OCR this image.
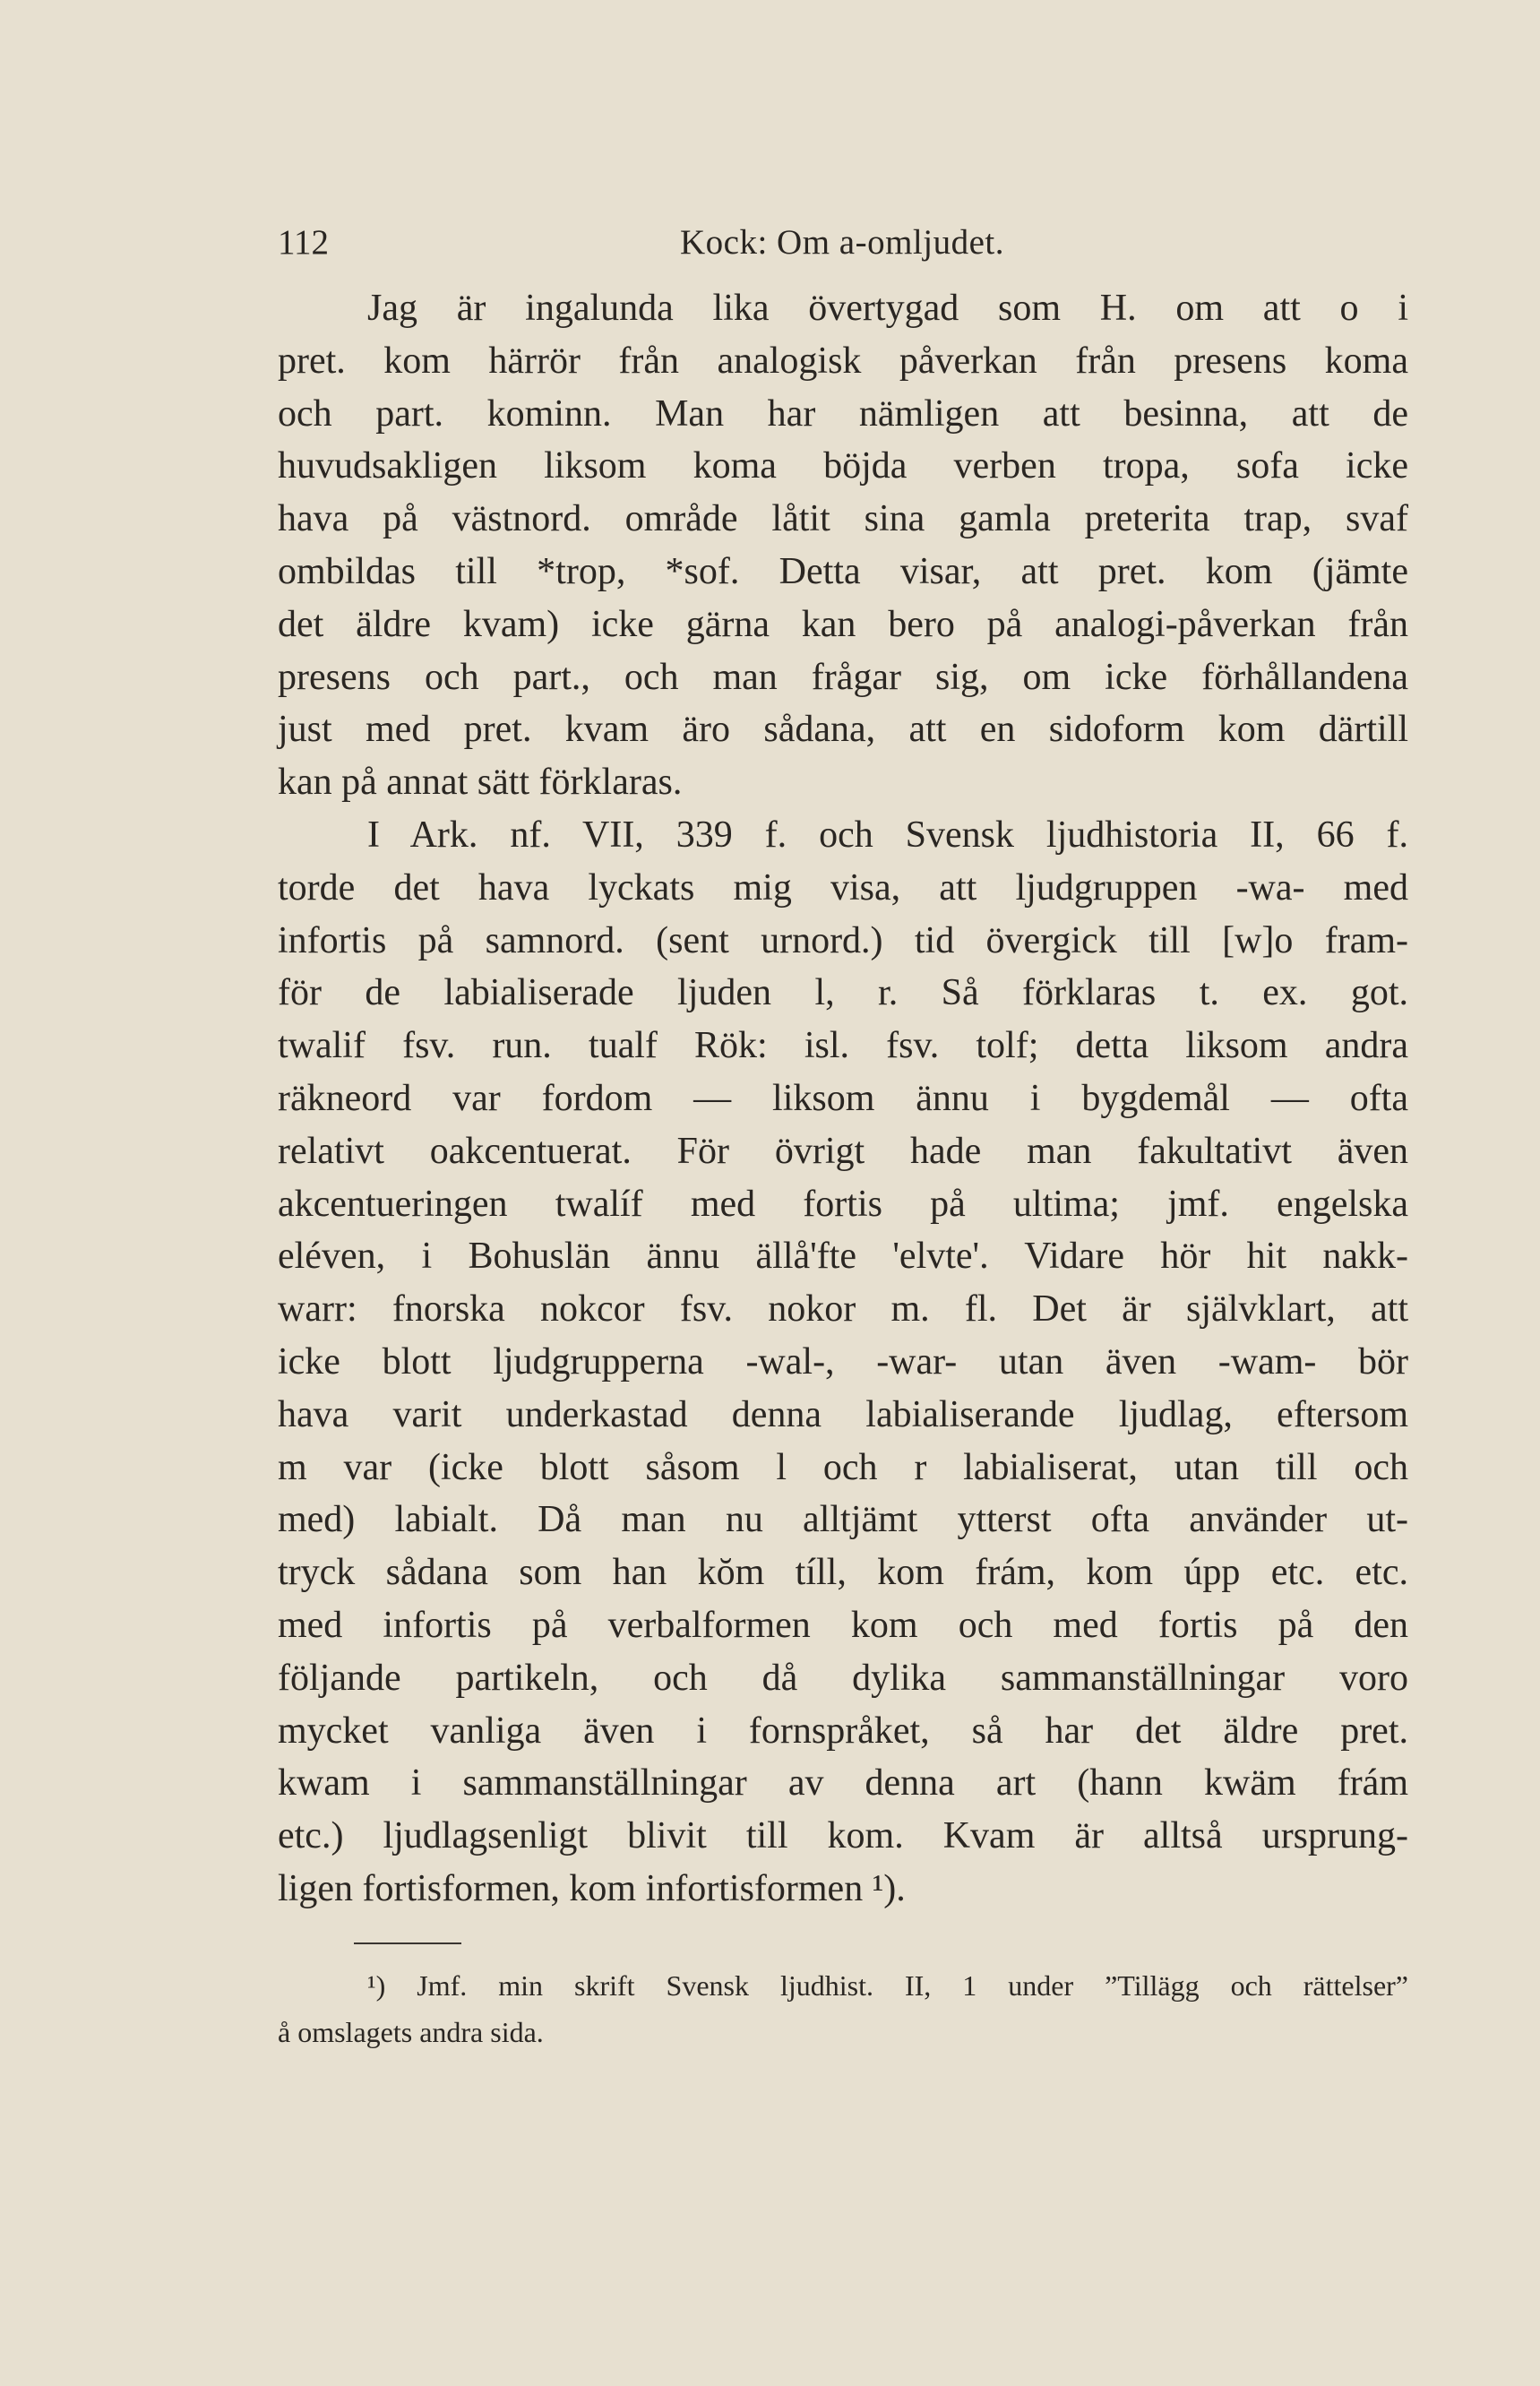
112	Kock: Om a-omljudet.
Jag är ingalunda lika övertygad som H. om att o i
pret. kom härrör från analogisk påverkan från presens koma
och part. kominn. Man har nämligen att besinna, att de
huvudsakligen liksom koma böjda verben tropa, sofa icke
hava på västnord. område låtit sina gamla preterita trap, svaf
ombildas till *trop, *sof. Detta visar, att pret. kom (jämte
det äldre kvam) icke gärna kan bero på analogi-påverkan från
presens och part., och man frågar sig, om icke förhållandena
just med pret. kvam äro sådana, att en sidoform kom därtill
kan på annat sätt förklaras.
I Ark. nf. VII, 339 f. och Svensk ljudhistoria II, 66 f.
torde det hava lyckats mig visa, att ljudgruppen -wa- med
infortis på samnord. (sent urnord.) tid övergick till [w]o fram-
för de labialiserade ljuden l, r. Så förklaras t. ex. got.
twalif fsv. run. tualf Rök: isl. fsv. tolf; detta liksom andra
räkneord var fordom — liksom ännu i bygdemål — ofta
relativt oakcentuerat. För övrigt hade man fakultativt även
akcentueringen twalíf med fortis på ultima; jmf. engelska
eléven, i Bohuslän ännu ällå'fte 'elvte'. Vidare hör hit nakk-
warr: fnorska nokcor fsv. nokor m. fl. Det är självklart, att
icke blott ljudgrupperna -wal-, -war- utan även -wam- bör
hava varit underkastad denna labialiserande ljudlag, eftersom
m var (icke blott såsom l och r labialiserat, utan till och
med) labialt. Då man nu alltjämt ytterst ofta använder ut-
tryck sådana som han kŏm tíll, kom frám, kom úpp etc. etc.
med infortis på verbalformen kom och med fortis på den
följande partikeln, och då dylika sammanställningar voro
mycket vanliga även i fornspråket, så har det äldre pret.
kwam i sammanställningar av denna art (hann kwäm frám
etc.) ljudlagsenligt blivit till kom. Kvam är alltså ursprung-
ligen fortisformen, kom infortisformen ¹).
¹) Jmf. min skrift Svensk ljudhist. II, 1 under ”Tillägg och rättelser”
å omslagets andra sida.
